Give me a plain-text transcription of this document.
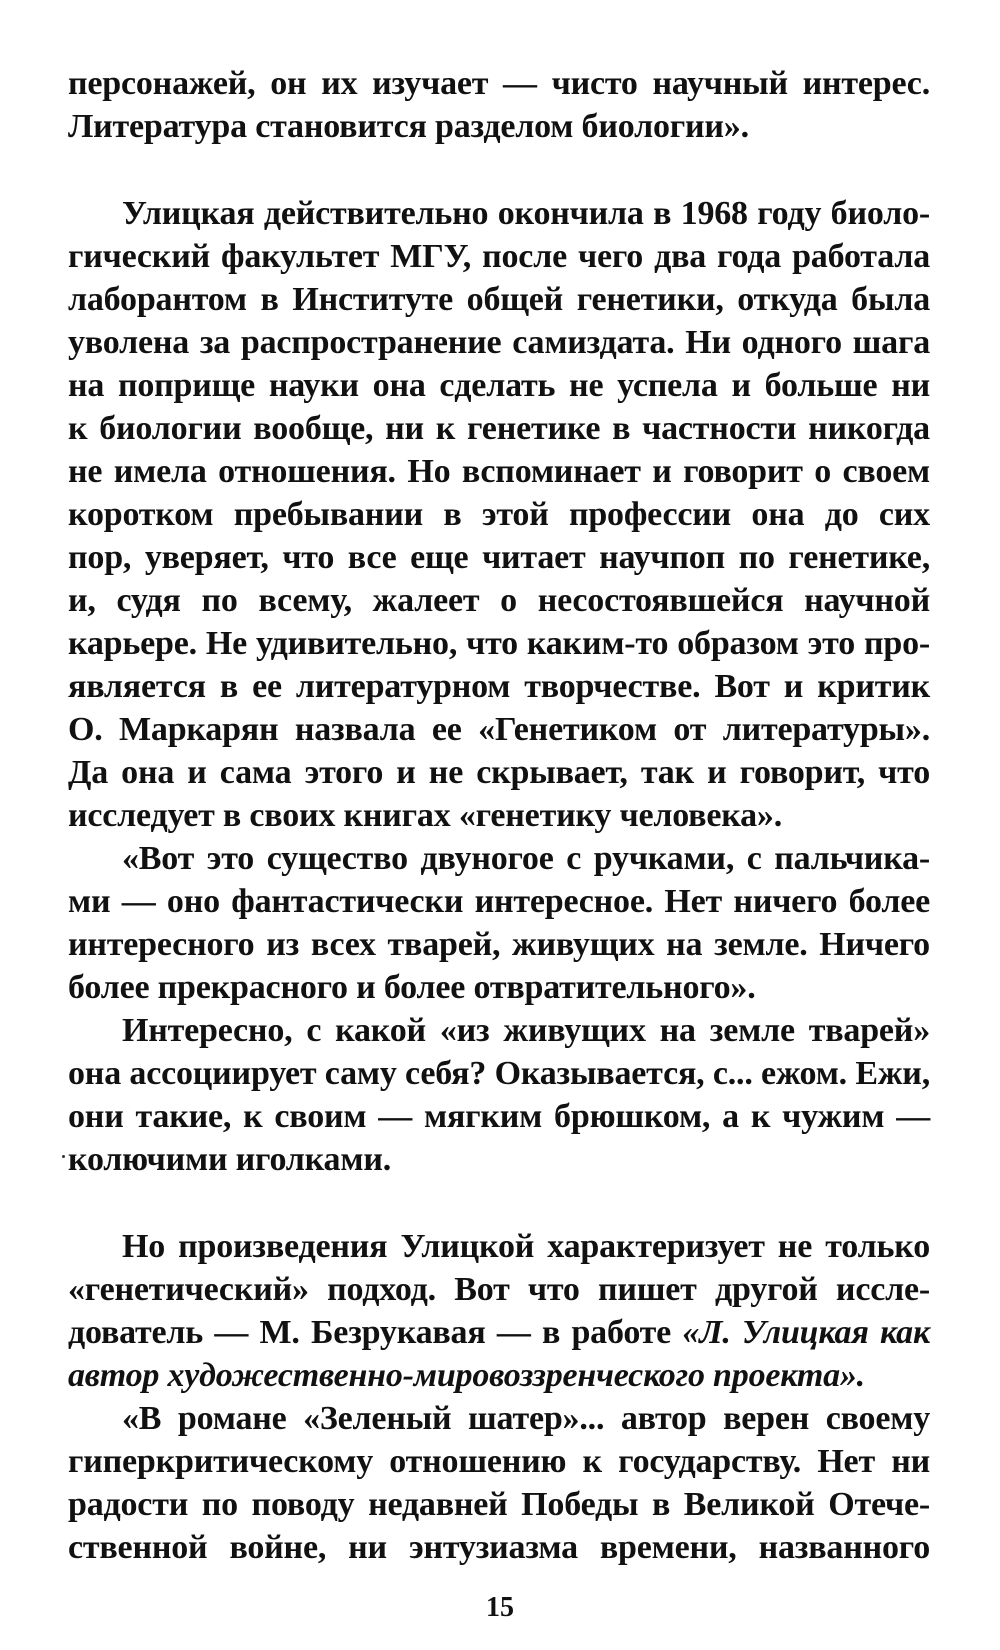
персонажей, он их изучает — чисто научный интерес.
Литература становится разделом биологии».
Улицкая действительно окончила в 1968 году биоло-
гический факультет МГУ, после чего два года работала
лаборантом в Институте общей генетики, откуда была
уволена за распространение самиздата. Ни одного шага
на поприще науки она сделать не успела и больше ни
к биологии вообще, ни к генетике в частности никогда
не имела отношения. Но вспоминает и говорит о своем
коротком пребывании в этой профессии она до сих
пор, уверяет, что все еще читает научпоп по генетике,
и, судя по всему, жалеет о несостоявшейся научной
карьере. Не удивительно, что каким-то образом это про-
является в ее литературном творчестве. Вот и критик
О. Маркарян назвала ее «Генетиком от литературы».
Да она и сама этого и не скрывает, так и говорит, что
исследует в своих книгах «генетику человека».
«Вот это существо двуногое с ручками, с пальчика-
ми — оно фантастически интересное. Нет ничего более
интересного из всех тварей, живущих на земле. Ничего
более прекрасного и более отвратительного».
Интересно, с какой «из живущих на земле тварей»
она ассоциирует саму себя? Оказывается, с... ежом. Ежи,
они такие, к своим — мягким брюшком, а к чужим —
колючими иголками.
Но произведения Улицкой характеризует не только
«генетический» подход. Вот что пишет другой иссле-
дователь — М. Безрукавая — в работе «Л. Улицкая как
автор художественно-мировоззренческого проекта».
«В романе «Зеленый шатер»... автор верен своему
гиперкритическому отношению к государству. Нет ни
радости по поводу недавней Победы в Великой Отече-
ственной войне, ни энтузиазма времени, названного
15
